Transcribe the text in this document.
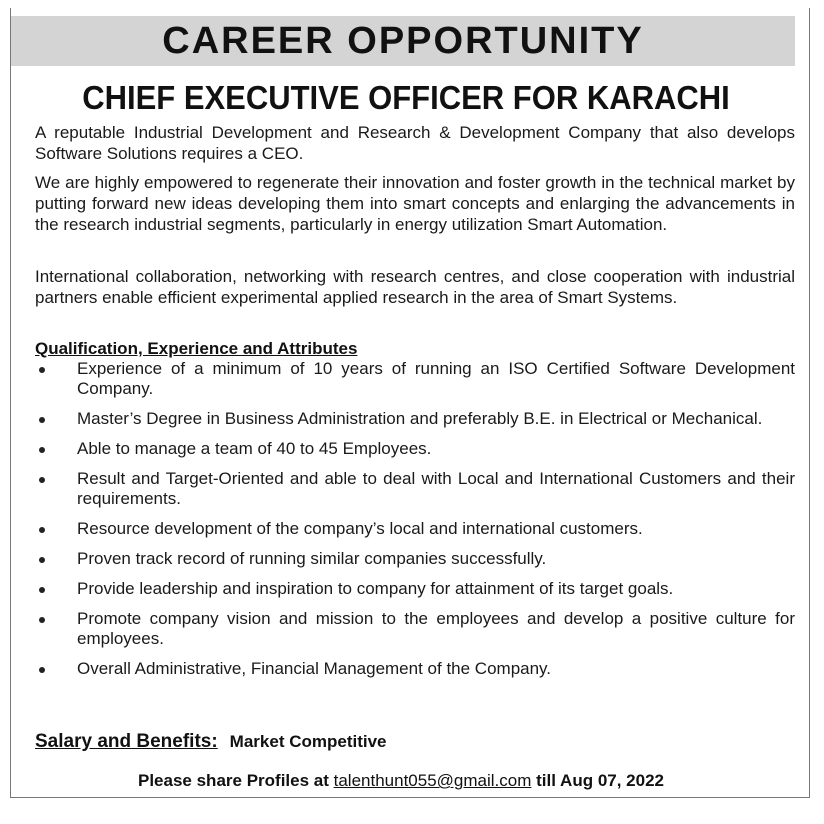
CAREER OPPORTUNITY
CHIEF EXECUTIVE OFFICER FOR KARACHI
A reputable Industrial Development and Research & Development Company that also develops Software Solutions requires a CEO.
We are highly empowered to regenerate their innovation and foster growth in the technical market by putting forward new ideas developing them into smart concepts and enlarging the advancements in the research industrial segments, particularly in energy utilization Smart Automation.
International collaboration, networking with research centres, and close cooperation with industrial partners enable efficient experimental applied research in the area of Smart Systems.
Qualification, Experience and Attributes
Experience of a minimum of 10 years of running an ISO Certified Software Development Company.
Master’s Degree in Business Administration and preferably B.E. in Electrical or Mechanical.
Able to manage a team of 40 to 45 Employees.
Result and Target-Oriented and able to deal with Local and International Customers and their requirements.
Resource development of the company’s local and international customers.
Proven track record of running similar companies successfully.
Provide leadership and inspiration to company for attainment of its target goals.
Promote company vision and mission to the employees and develop a positive culture for employees.
Overall Administrative, Financial Management of the Company.
Salary and Benefits: Market Competitive
Please share Profiles at talenthunt055@gmail.com till Aug 07, 2022
